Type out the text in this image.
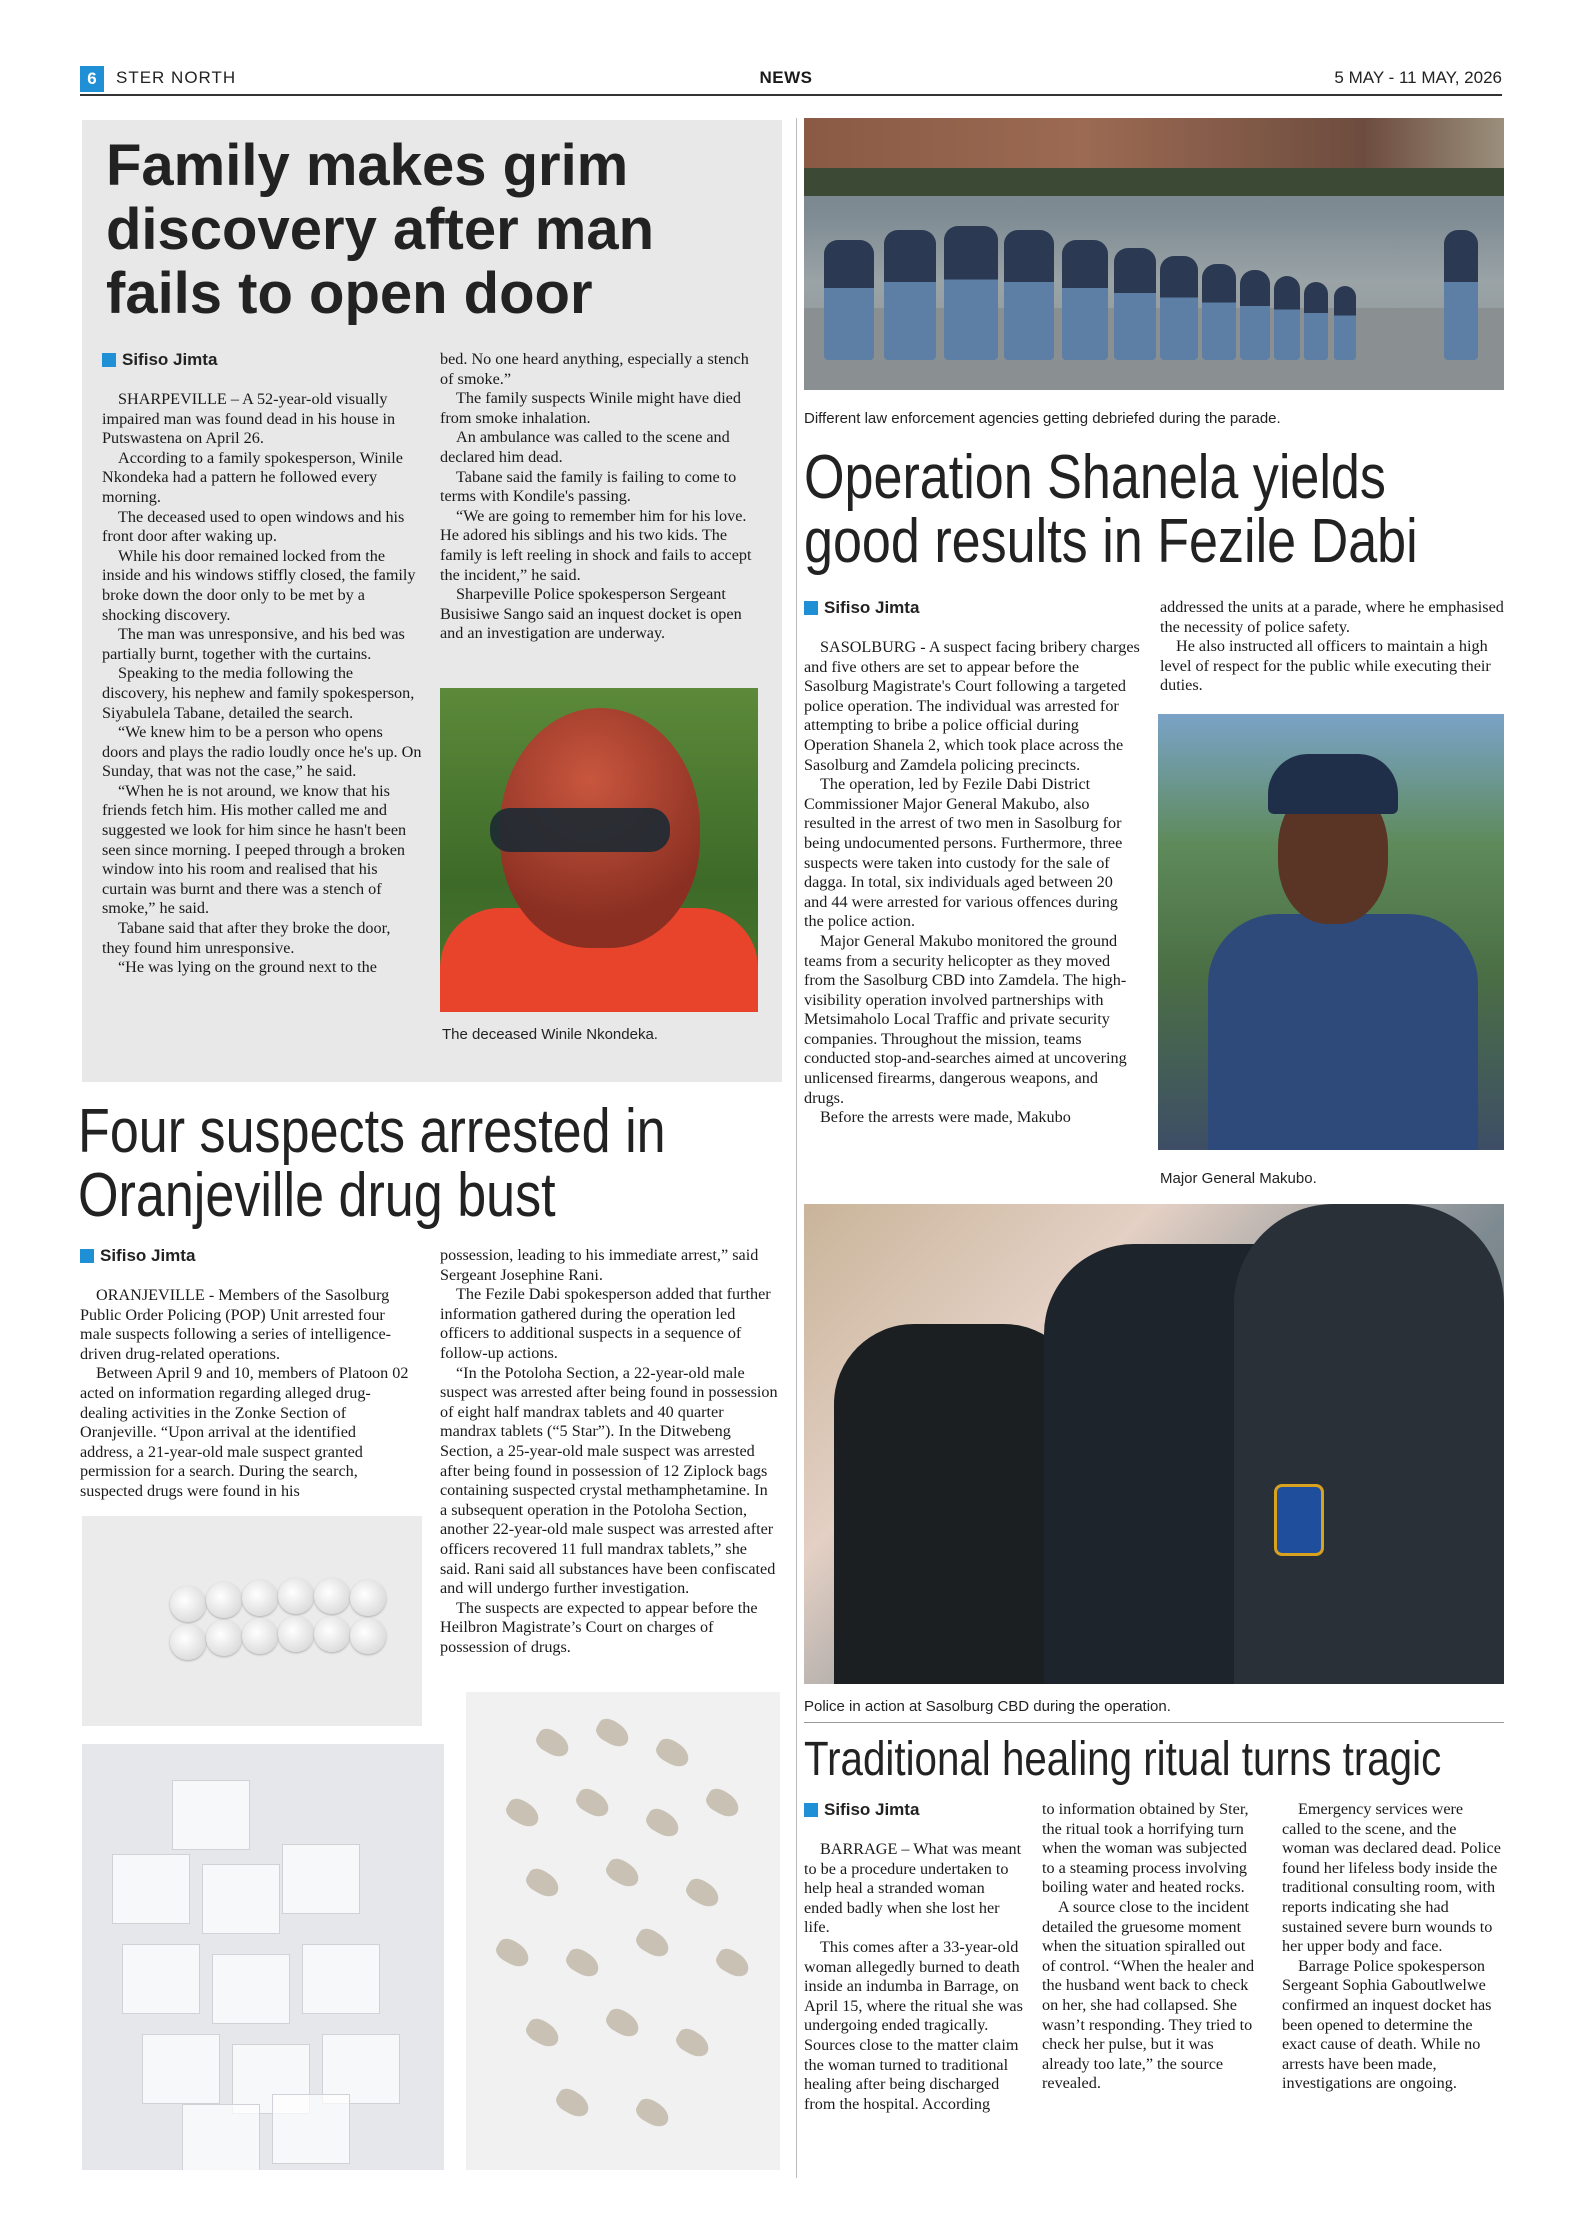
6	STER NORTH	NEWS	5 MAY - 11 MAY, 2026
Family makes grim discovery after man fails to open door
Sifiso Jimta

SHARPEVILLE – A 52-year-old visually impaired man was found dead in his house in Putswastena on April 26.

According to a family spokesperson, Winile Nkondeka had a pattern he followed every morning.

The deceased used to open windows and his front door after waking up.

While his door remained locked from the inside and his windows stiffly closed, the family broke down the door only to be met by a shocking discovery.

The man was unresponsive, and his bed was partially burnt, together with the curtains.

Speaking to the media following the discovery, his nephew and family spokesperson, Siyabulela Tabane, detailed the search.

“We knew him to be a person who opens doors and plays the radio loudly once he's up. On Sunday, that was not the case,” he said.

“When he is not around, we know that his friends fetch him. His mother called me and suggested we look for him since he hasn't been seen since morning. I peeped through a broken window into his room and realised that his curtain was burnt and there was a stench of smoke,” he said.

Tabane said that after they broke the door, they found him unresponsive.

“He was lying on the ground next to the

bed. No one heard anything, especially a stench of smoke.”

The family suspects Winile might have died from smoke inhalation.

An ambulance was called to the scene and declared him dead.

Tabane said the family is failing to come to terms with Kondile's passing.

“We are going to remember him for his love. He adored his siblings and his two kids. The family is left reeling in shock and fails to accept the incident,” he said.

Sharpeville Police spokesperson Sergeant Busisiwe Sango said an inquest docket is open and an investigation are underway.

The deceased Winile Nkondeka.
Four suspects arrested in
Oranjeville drug bust
Sifiso Jimta

ORANJEVILLE - Members of the Sasolburg Public Order Policing (POP) Unit arrested four male suspects following a series of intelligence-driven drug-related operations.

Between April 9 and 10, members of Platoon 02 acted on information regarding alleged drug-dealing activities in the Zonke Section of Oranjeville. “Upon arrival at the identified address, a 21-year-old male suspect granted permission for a search. During the search, suspected drugs were found in his

possession, leading to his immediate arrest,” said Sergeant Josephine Rani.

The Fezile Dabi spokesperson added that further information gathered during the operation led officers to additional suspects in a sequence of follow-up actions.

“In the Potoloha Section, a 22-year-old male suspect was arrested after being found in possession of eight half mandrax tablets and 40 quarter mandrax tablets (“5 Star”). In the Ditwebeng Section, a 25-year-old male suspect was arrested after being found in possession of 12 Ziplock bags containing suspected crystal methamphetamine. In a subsequent operation in the Potoloha Section, another 22-year-old male suspect was arrested after officers recovered 11 full mandrax tablets,” she said. Rani said all substances have been confiscated and will undergo further investigation.

The suspects are expected to appear before the Heilbron Magistrate’s Court on charges of possession of drugs.

Different law enforcement agencies getting debriefed during the parade.
Operation Shanela yields
good results in Fezile Dabi
Sifiso Jimta

SASOLBURG - A suspect facing bribery charges and five others are set to appear before the Sasolburg Magistrate's Court following a targeted police operation. The individual was arrested for attempting to bribe a police official during Operation Shanela 2, which took place across the Sasolburg and Zamdela policing precincts.

The operation, led by Fezile Dabi District Commissioner Major General Makubo, also resulted in the arrest of two men in Sasolburg for being undocumented persons. Furthermore, three suspects were taken into custody for the sale of dagga. In total, six individuals aged between 20 and 44 were arrested for various offences during the police action.

Major General Makubo monitored the ground teams from a security helicopter as they moved from the Sasolburg CBD into Zamdela. The high-visibility operation involved partnerships with Metsimaholo Local Traffic and private security companies. Throughout the mission, teams conducted stop-and-searches aimed at uncovering unlicensed firearms, dangerous weapons, and drugs.

Before the arrests were made, Makubo

addressed the units at a parade, where he emphasised the necessity of police safety.

He also instructed all officers to maintain a high level of respect for the public while executing their duties.

Major General Makubo.
Police in action at Sasolburg CBD during the operation.
Traditional healing ritual turns tragic
Sifiso Jimta

BARRAGE – What was meant to be a procedure undertaken to help heal a stranded woman ended badly when she lost her life.

This comes after a 33-year-old woman allegedly burned to death inside an indumba in Barrage, on April 15, where the ritual she was undergoing ended tragically. Sources close to the matter claim the woman turned to traditional healing after being discharged from the hospital. According

to information obtained by Ster, the ritual took a horrifying turn when the woman was subjected to a steaming process involving boiling water and heated rocks.

A source close to the incident detailed the gruesome moment when the situation spiralled out of control. “When the healer and the husband went back to check on her, she had collapsed. She wasn’t responding. They tried to check her pulse, but it was already too late,” the source revealed.

Emergency services were called to the scene, and the woman was declared dead. Police found her lifeless body inside the traditional consulting room, with reports indicating she had sustained severe burn wounds to her upper body and face.

Barrage Police spokesperson Sergeant Sophia Gaboutlwelwe confirmed an inquest docket has been opened to determine the exact cause of death. While no arrests have been made, investigations are ongoing.
